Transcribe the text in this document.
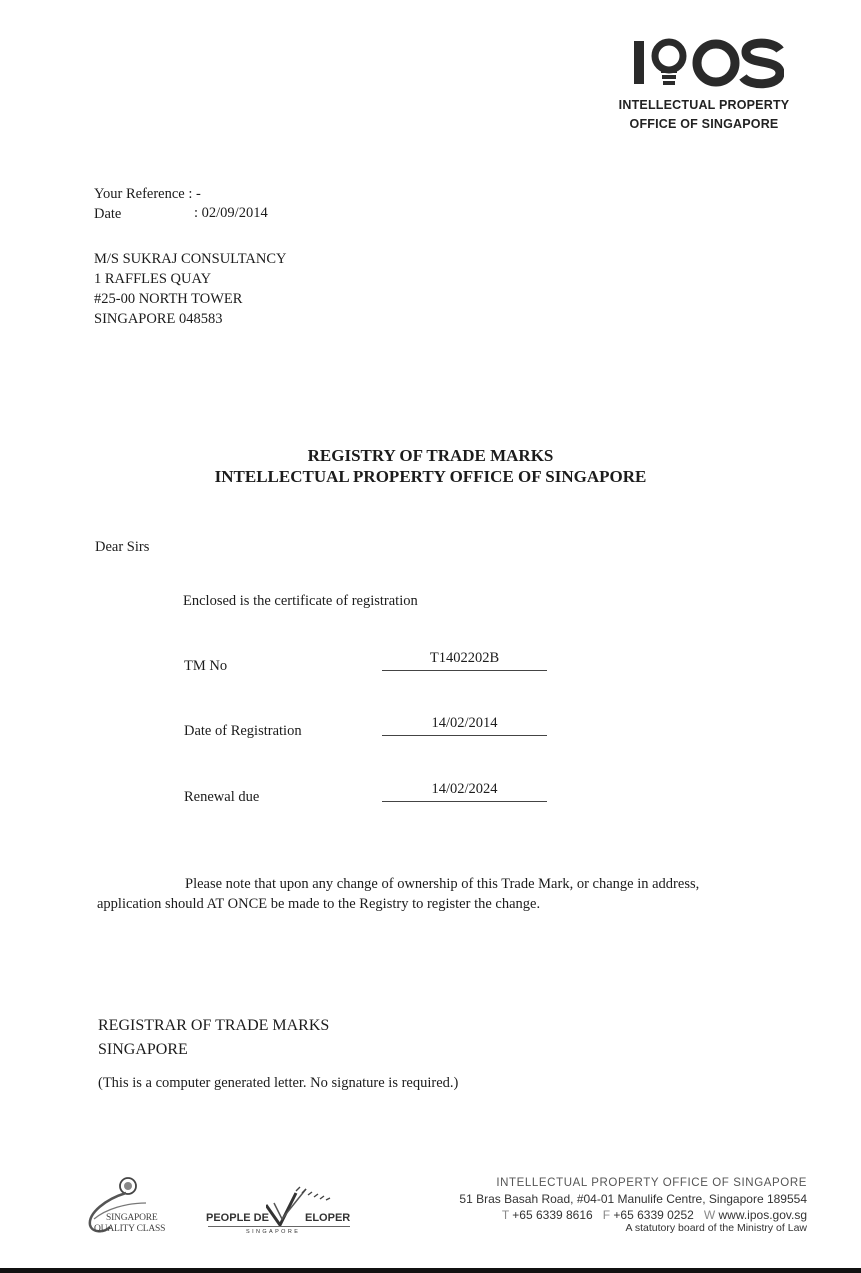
INTELLECTUAL PROPERTY
OFFICE OF SINGAPORE
Your Reference : -
Date	: 02/09/2014
M/S SUKRAJ CONSULTANCY
1 RAFFLES QUAY
#25-00 NORTH TOWER
SINGAPORE 048583
REGISTRY OF TRADE MARKS
INTELLECTUAL PROPERTY OFFICE OF SINGAPORE
Dear Sirs
Enclosed is the certificate of registration
TM No	T1402202B
Date of Registration	14/02/2014
Renewal due	14/02/2024
Please note that upon any change of ownership of this Trade Mark, or change in address,
application should AT ONCE be made to the Registry to register the change.
REGISTRAR OF TRADE MARKS
SINGAPORE
(This is a computer generated letter. No signature is required.)
SINGAPORE
QUALITY CLASS
PEOPLE DE	ELOPER
SINGAPORE
INTELLECTUAL PROPERTY OFFICE OF SINGAPORE
51 Bras Basah Road, #04-01 Manulife Centre, Singapore 189554
T +65 6339 8616 F +65 6339 0252 W www.ipos.gov.sg
A statutory board of the Ministry of Law
